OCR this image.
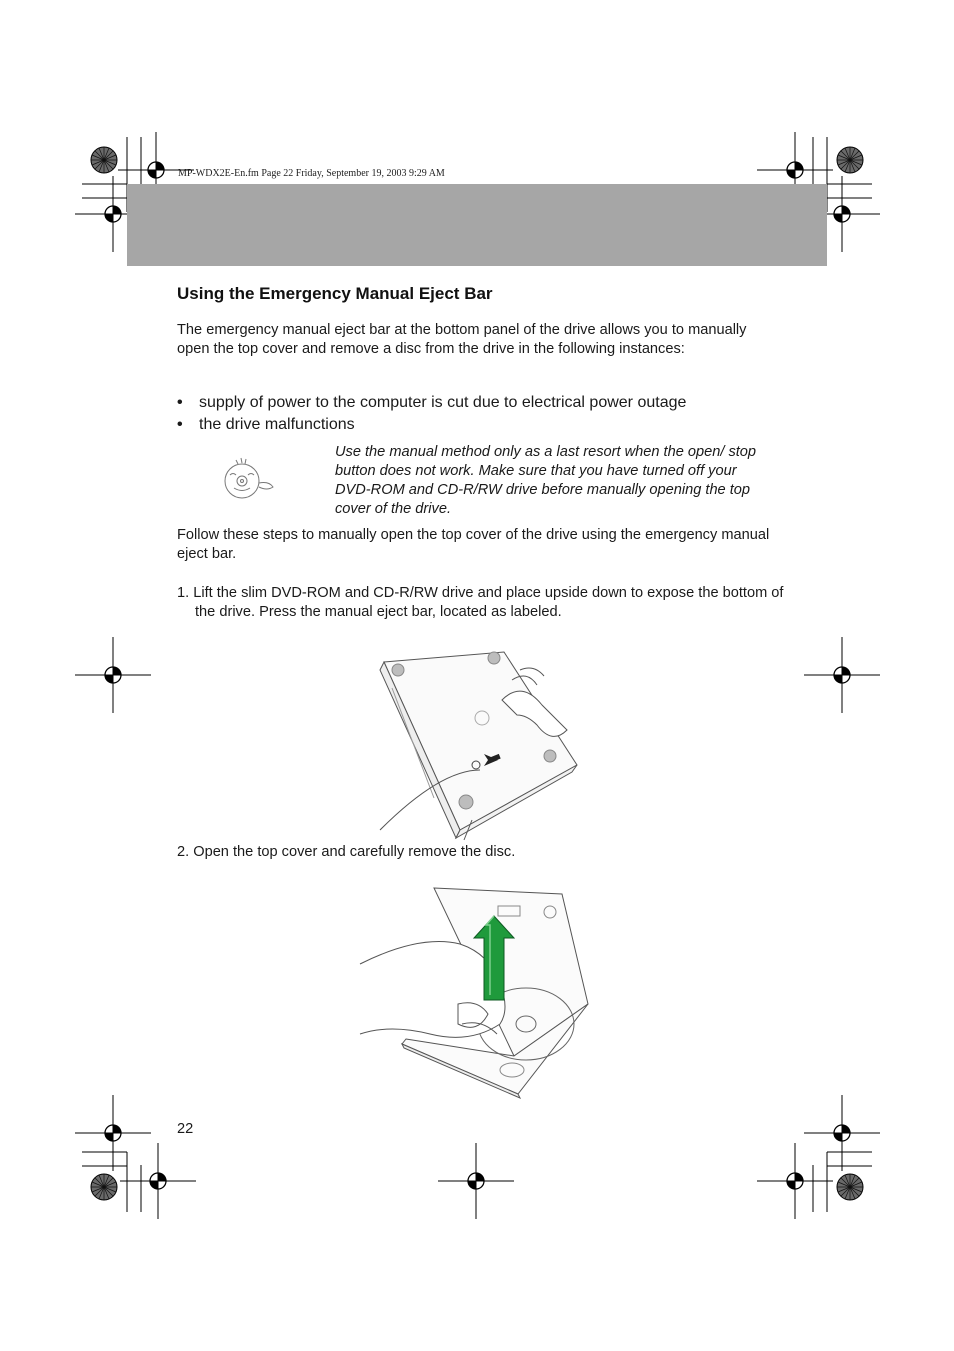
MP-WDX2E-En.fm Page 22 Friday, September 19, 2003 9:29 AM
Using the Emergency Manual Eject Bar
The emergency manual eject bar at the bottom panel of the drive allows you to manually open the top cover and remove a disc from the drive in the following instances:
• supply of power to the computer is cut due to electrical power outage
• the drive malfunctions
Use the manual method only as a last resort when the open/ stop button does not work. Make sure that you have turned off your DVD-ROM and CD-R/RW drive before manually opening the top cover of the drive.
Follow these steps to manually open the top cover of the drive using the emergency manual eject bar.
1. Lift the slim DVD-ROM and CD-R/RW drive and place upside down to expose the bottom of the drive. Press the manual eject bar, located as labeled.
2. Open the top cover and carefully remove the disc.
22
